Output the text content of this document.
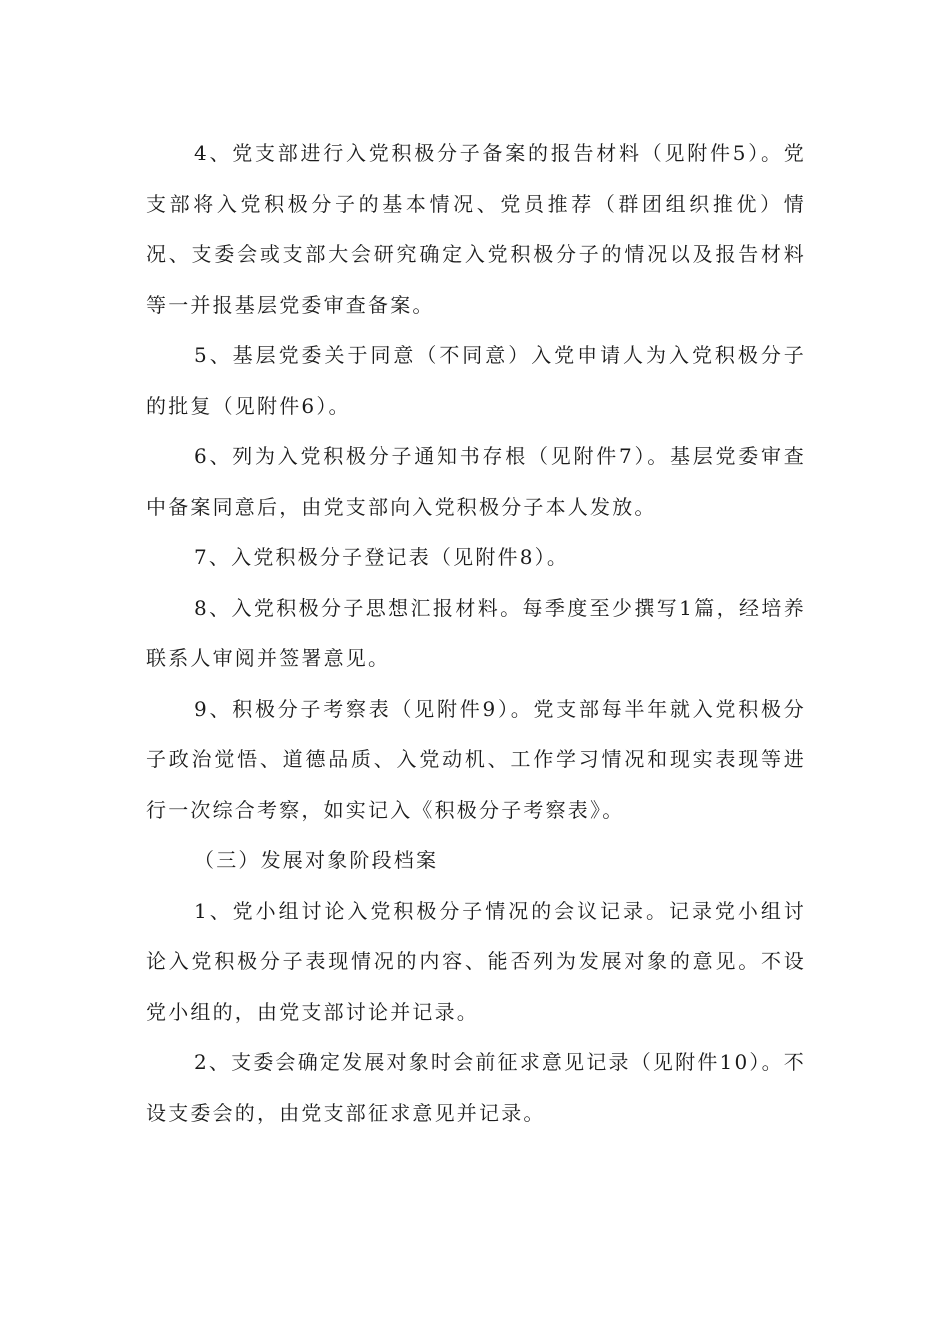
4、党支部进行入党积极分子备案的报告材料（见附件5）。党支部将入党积极分子的基本情况、党员推荐（群团组织推优）情况、支委会或支部大会研究确定入党积极分子的情况以及报告材料等一并报基层党委审查备案。

5、基层党委关于同意（不同意）入党申请人为入党积极分子的批复（见附件6）。

6、列为入党积极分子通知书存根（见附件7）。基层党委审查中备案同意后，由党支部向入党积极分子本人发放。

7、入党积极分子登记表（见附件8）。

8、入党积极分子思想汇报材料。每季度至少撰写1篇，经培养联系人审阅并签署意见。

9、积极分子考察表（见附件9）。党支部每半年就入党积极分子政治觉悟、道德品质、入党动机、工作学习情况和现实表现等进行一次综合考察，如实记入《积极分子考察表》。

（三）发展对象阶段档案

1、党小组讨论入党积极分子情况的会议记录。记录党小组讨论入党积极分子表现情况的内容、能否列为发展对象的意见。不设党小组的，由党支部讨论并记录。

2、支委会确定发展对象时会前征求意见记录（见附件10）。不设支委会的，由党支部征求意见并记录。
